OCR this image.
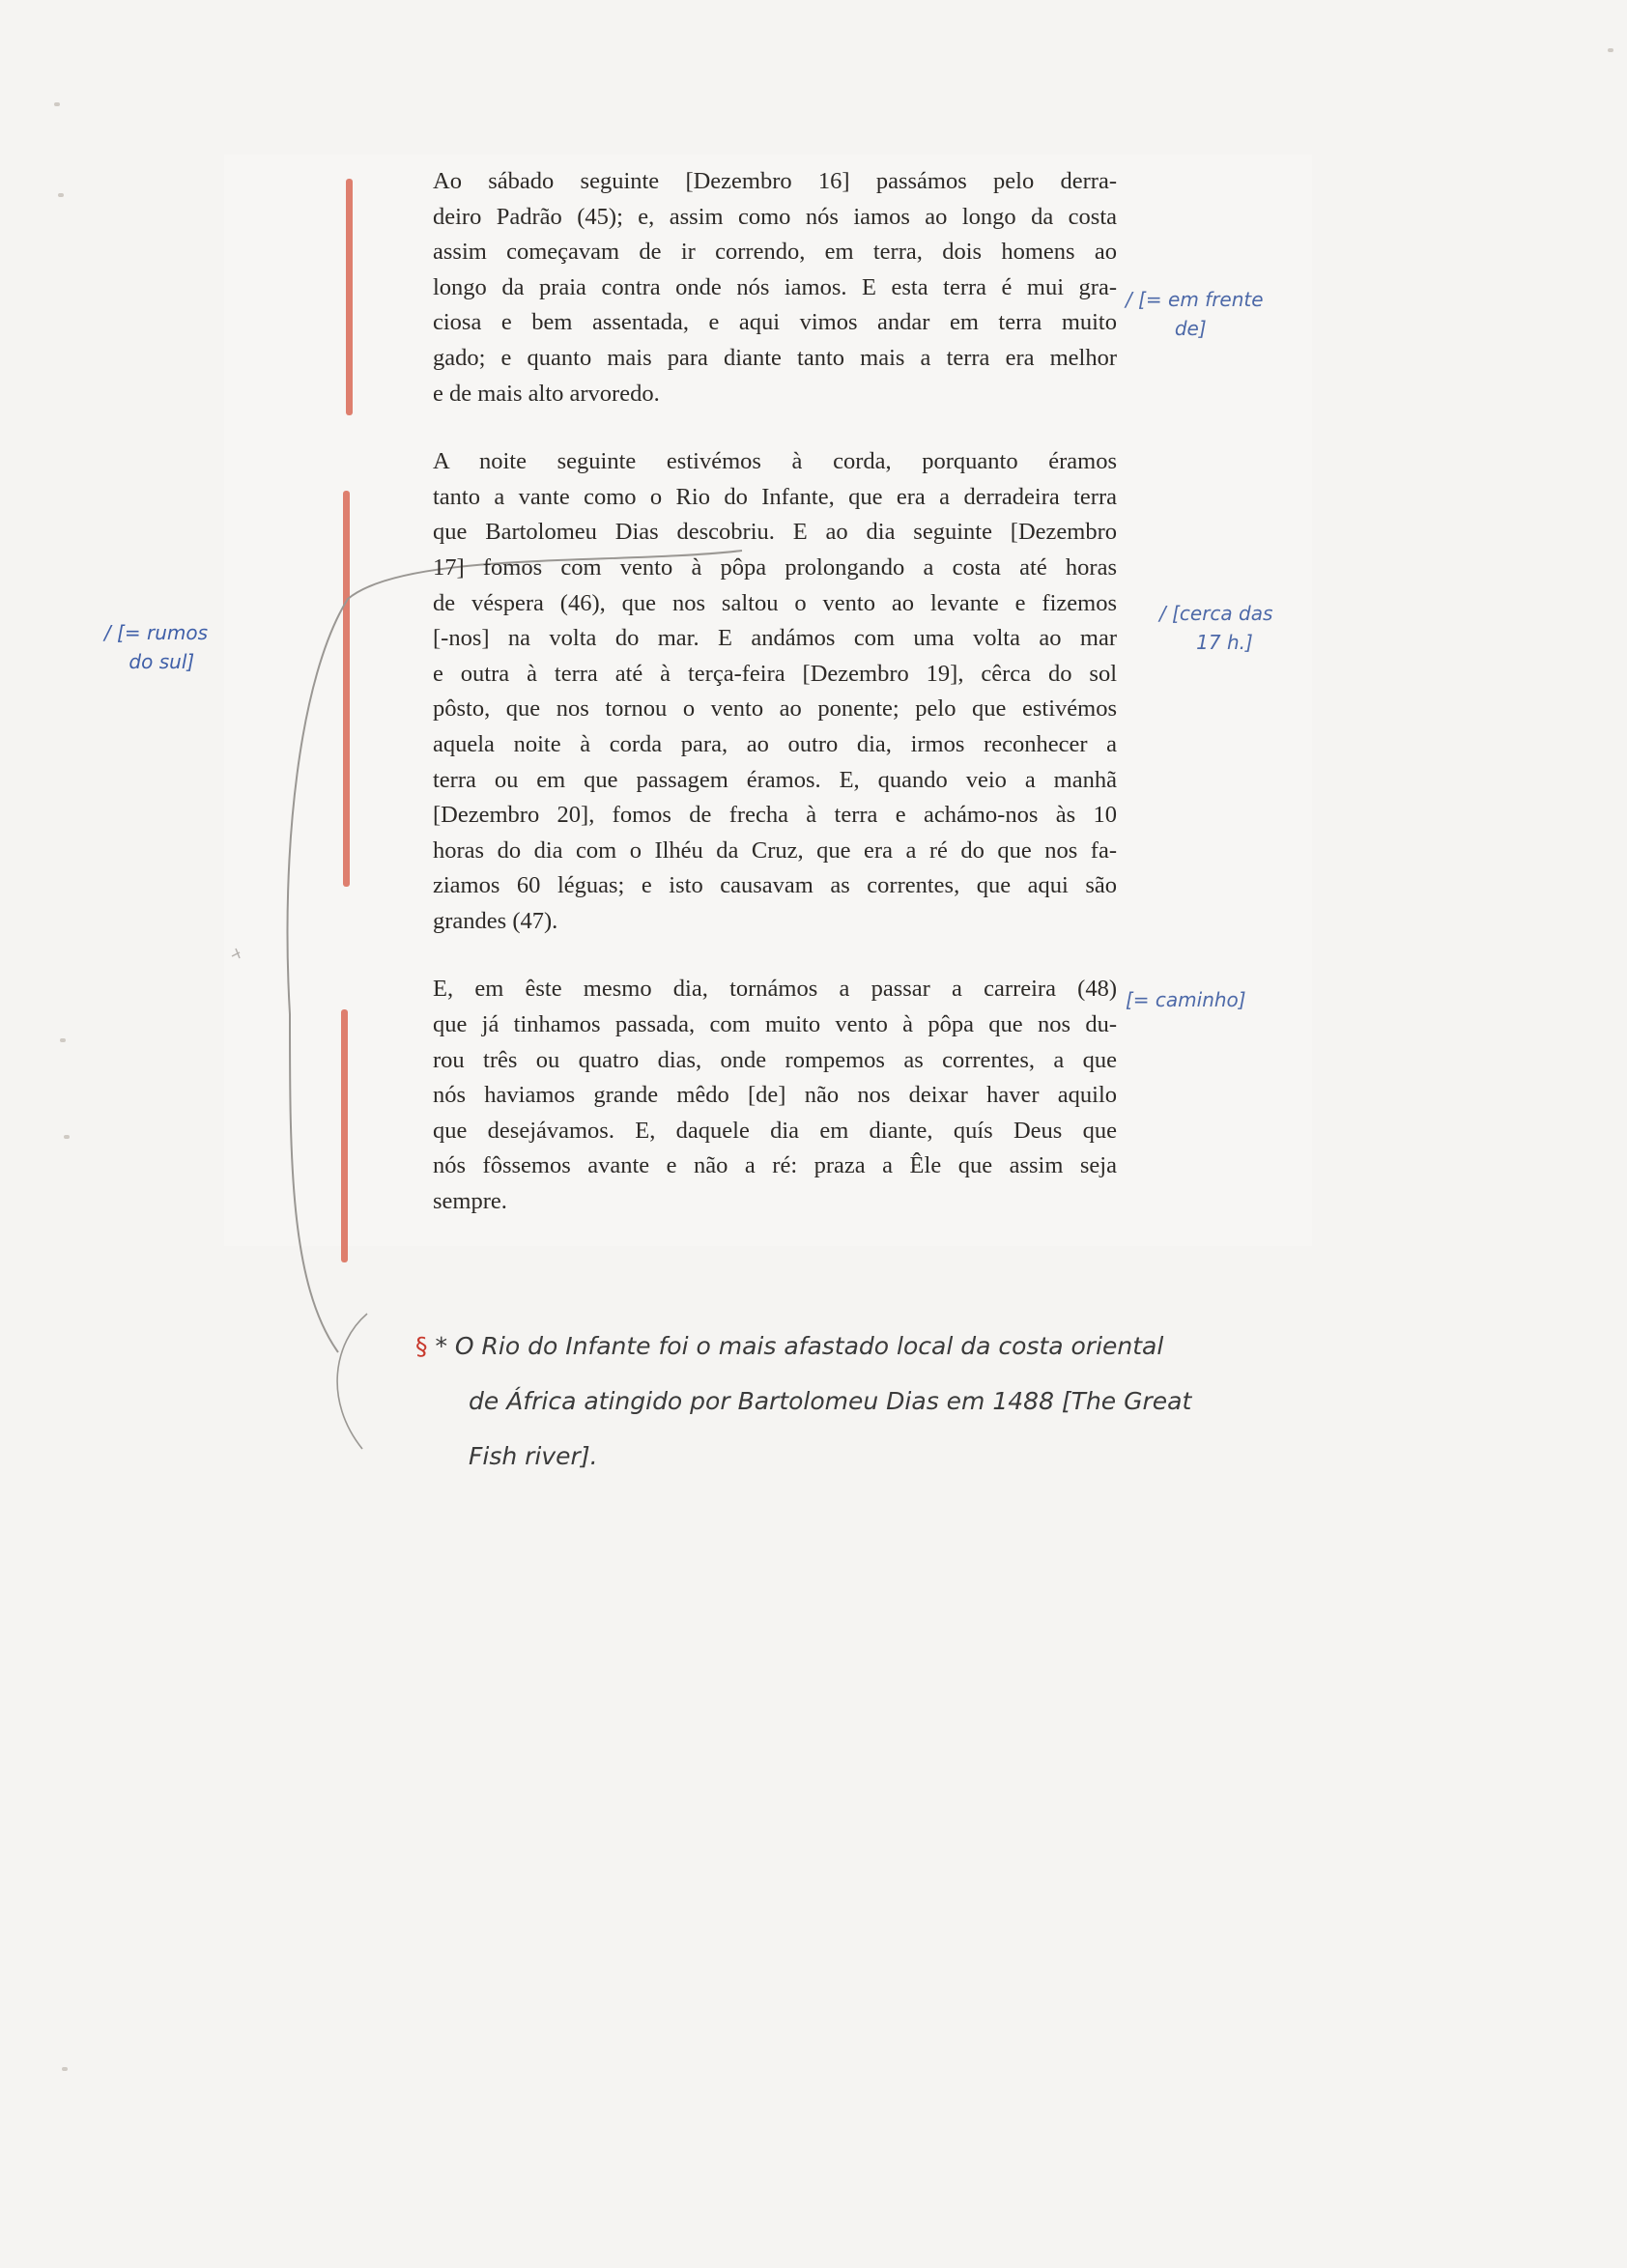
Ao sábado seguinte [Dezembro 16] passámos pelo derra-
deiro Padrão (45); e, assim como nós iamos ao longo da costa
assim começavam de ir correndo, em terra, dois homens ao
longo da praia contra onde nós iamos. E esta terra é mui gra-
ciosa e bem assentada, e aqui vimos andar em terra muito
gado; e quanto mais para diante tanto mais a terra era melhor
e de mais alto arvoredo.
A noite seguinte estivémos à corda, porquanto éramos
tanto a vante como o Rio do Infante, que era a derradeira terra
que Bartolomeu Dias descobriu. E ao dia seguinte [Dezembro
17] fomos com vento à pôpa prolongando a costa até horas
de véspera (46), que nos saltou o vento ao levante e fizemos
[-nos] na volta do mar. E andámos com uma volta ao mar
e outra à terra até à terça-feira [Dezembro 19], cêrca do sol
pôsto, que nos tornou o vento ao ponente; pelo que estivémos
aquela noite à corda para, ao outro dia, irmos reconhecer a
terra ou em que passagem éramos. E, quando veio a manhã
[Dezembro 20], fomos de frecha à terra e achámo-nos às 10
horas do dia com o Ilhéu da Cruz, que era a ré do que nos fa-
ziamos 60 léguas; e isto causavam as correntes, que aqui são
grandes (47).
E, em êste mesmo dia, tornámos a passar a carreira (48)
que já tinhamos passada, com muito vento à pôpa que nos du-
rou três ou quatro dias, onde rompemos as correntes, a que
nós haviamos grande mêdo [de] não nos deixar haver aquilo
que desejávamos. E, daquele dia em diante, quís Deus que
nós fôssemos avante e não a ré: praza a Êle que assim seja
sempre.
/ [= em frente
de]
/ [cerca das
17 h.]
[= caminho]
/ [= rumos
do sul]
§ * O Rio do Infante foi o mais afastado local da costa oriental
de África atingido por Bartolomeu Dias em 1488 [The Great
Fish river].
